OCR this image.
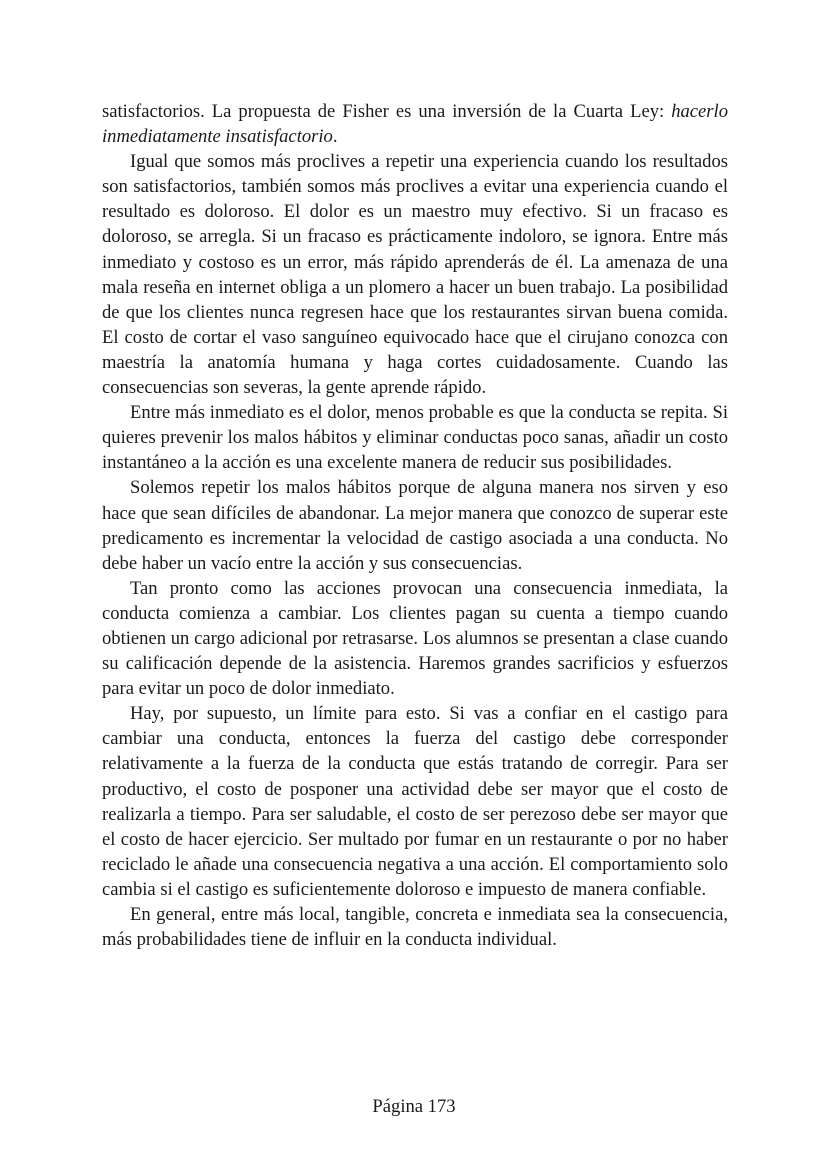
satisfactorios. La propuesta de Fisher es una inversión de la Cuarta Ley: hacerlo inmediatamente insatisfactorio.

Igual que somos más proclives a repetir una experiencia cuando los resultados son satisfactorios, también somos más proclives a evitar una experiencia cuando el resultado es doloroso. El dolor es un maestro muy efectivo. Si un fracaso es doloroso, se arregla. Si un fracaso es prácticamente indoloro, se ignora. Entre más inmediato y costoso es un error, más rápido aprenderás de él. La amenaza de una mala reseña en internet obliga a un plomero a hacer un buen trabajo. La posibilidad de que los clientes nunca regresen hace que los restaurantes sirvan buena comida. El costo de cortar el vaso sanguíneo equivocado hace que el cirujano conozca con maestría la anatomía humana y haga cortes cuidadosamente. Cuando las consecuencias son severas, la gente aprende rápido.

Entre más inmediato es el dolor, menos probable es que la conducta se repita. Si quieres prevenir los malos hábitos y eliminar conductas poco sanas, añadir un costo instantáneo a la acción es una excelente manera de reducir sus posibilidades.

Solemos repetir los malos hábitos porque de alguna manera nos sirven y eso hace que sean difíciles de abandonar. La mejor manera que conozco de superar este predicamento es incrementar la velocidad de castigo asociada a una conducta. No debe haber un vacío entre la acción y sus consecuencias.

Tan pronto como las acciones provocan una consecuencia inmediata, la conducta comienza a cambiar. Los clientes pagan su cuenta a tiempo cuando obtienen un cargo adicional por retrasarse. Los alumnos se presentan a clase cuando su calificación depende de la asistencia. Haremos grandes sacrificios y esfuerzos para evitar un poco de dolor inmediato.

Hay, por supuesto, un límite para esto. Si vas a confiar en el castigo para cambiar una conducta, entonces la fuerza del castigo debe corresponder relativamente a la fuerza de la conducta que estás tratando de corregir. Para ser productivo, el costo de posponer una actividad debe ser mayor que el costo de realizarla a tiempo. Para ser saludable, el costo de ser perezoso debe ser mayor que el costo de hacer ejercicio. Ser multado por fumar en un restaurante o por no haber reciclado le añade una consecuencia negativa a una acción. El comportamiento solo cambia si el castigo es suficientemente doloroso e impuesto de manera confiable.

En general, entre más local, tangible, concreta e inmediata sea la consecuencia, más probabilidades tiene de influir en la conducta individual.

Página 173
